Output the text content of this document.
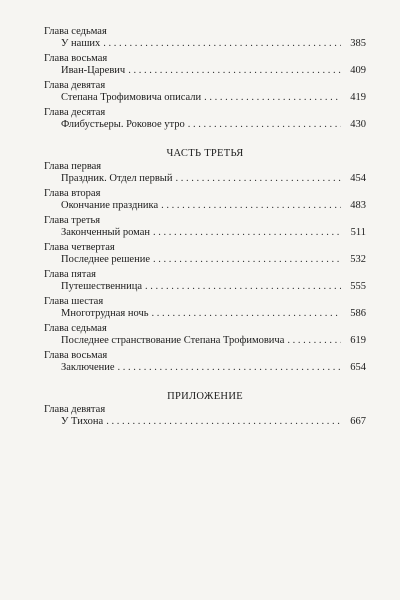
Глава седьмая
У наших . . .	385
Глава восьмая
Иван-Царевич . . .	409
Глава девятая
Степана Трофимовича описали . . .	419
Глава десятая
Флибустьеры. Роковое утро . . .	430
ЧАСТЬ ТРЕТЬЯ
Глава первая
Праздник. Отдел первый . . .	454
Глава вторая
Окончание праздника . . .	483
Глава третья
Законченный роман . . .	511
Глава четвертая
Последнее решение . . .	532
Глава пятая
Путешественница . . .	555
Глава шестая
Многотрудная ночь . . .	586
Глава седьмая
Последнее странствование Степана Трофимовича . . .	619
Глава восьмая
Заключение . . .	654
ПРИЛОЖЕНИЕ
Глава девятая
У Тихона . . .	667
